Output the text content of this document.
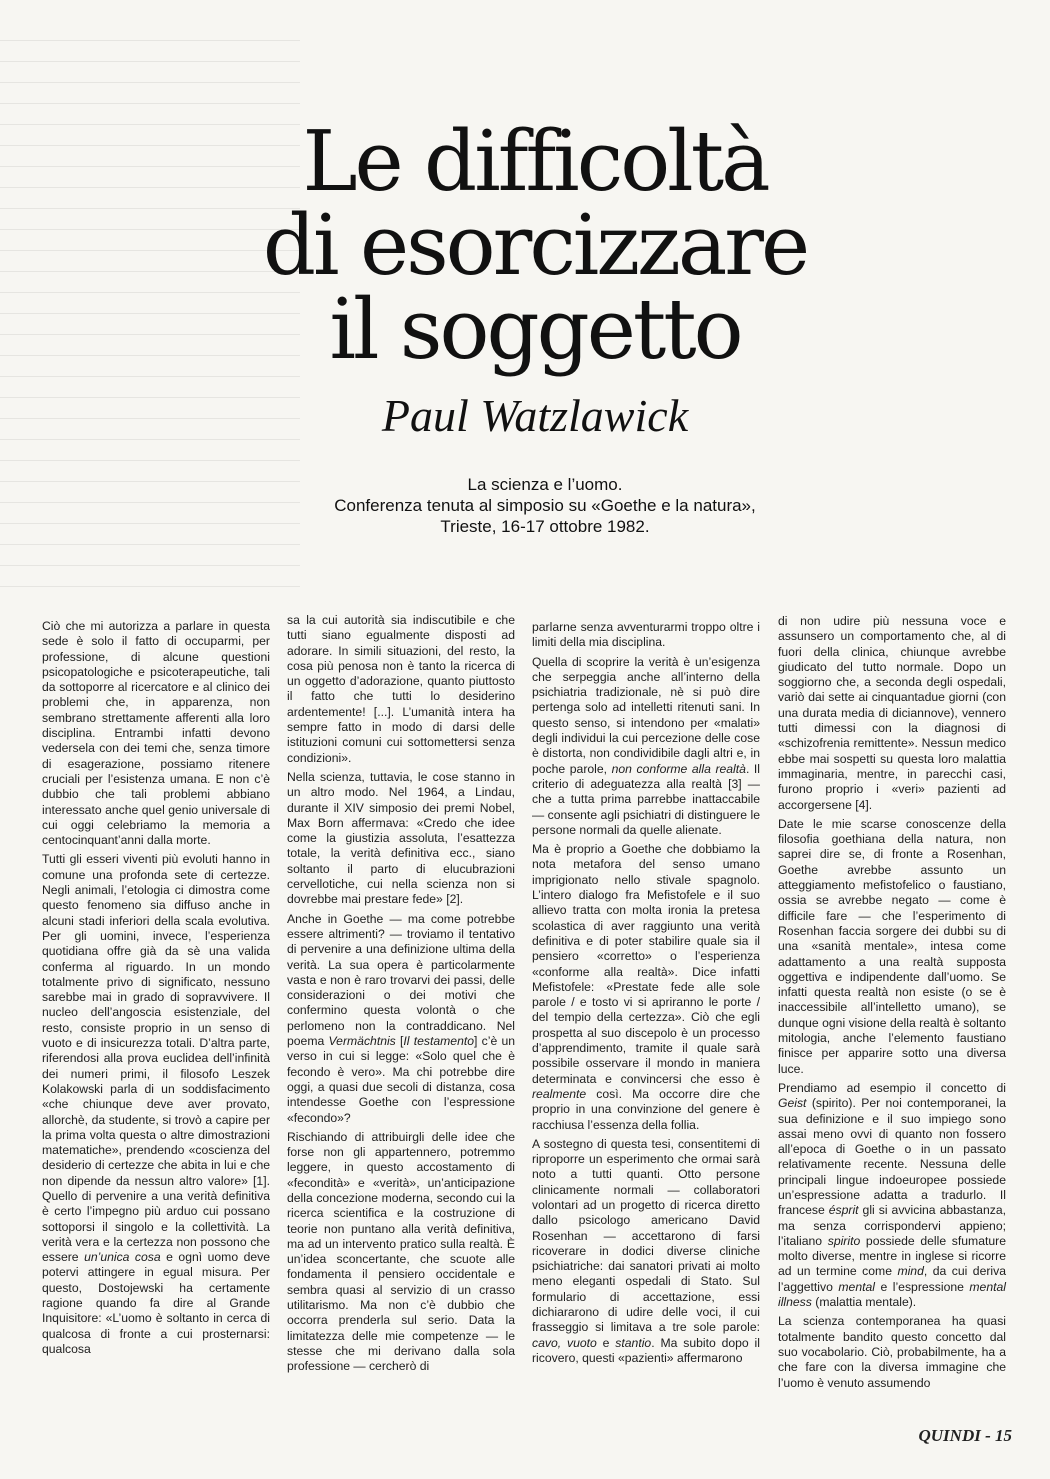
Le difficoltà
di esorcizzare
il soggetto
Paul Watzlawick
La scienza e l’uomo.
Conferenza tenuta al simposio su «Goethe e la natura»,
Trieste, 16-17 ottobre 1982.

Ciò che mi autorizza a parlare in questa sede è solo il fatto di occuparmi, per professione, di alcune questioni psicopatologiche e psicoterapeutiche, tali da sottoporre al ricercatore e al clinico dei problemi che, in apparenza, non sembrano strettamente afferenti alla loro disciplina. Entrambi infatti devono vedersela con dei temi che, senza timore di esagerazione, possiamo ritenere cruciali per l’esistenza umana. E non c’è dubbio che tali problemi abbiano interessato anche quel genio universale di cui oggi celebriamo la memoria a centocinquant’anni dalla morte.

Tutti gli esseri viventi più evoluti hanno in comune una profonda sete di certezze. Negli animali, l’etologia ci dimostra come questo fenomeno sia diffuso anche in alcuni stadi inferiori della scala evolutiva. Per gli uomini, invece, l’esperienza quotidiana offre già da sè una valida conferma al riguardo. In un mondo totalmente privo di significato, nessuno sarebbe mai in grado di sopravvivere. Il nucleo dell’angoscia esistenziale, del resto, consiste proprio in un senso di vuoto e di insicurezza totali. D’altra parte, riferendosi alla prova euclidea dell’infinità dei numeri primi, il filosofo Leszek Kolakowski parla di un soddisfacimento «che chiunque deve aver provato, allorchè, da studente, si trovò a capire per la prima volta questa o altre dimostrazioni matematiche», prendendo «coscienza del desiderio di certezze che abita in lui e che non dipende da nessun altro valore» [1]. Quello di pervenire a una verità definitiva è certo l’impegno più arduo cui possano sottoporsi il singolo e la collettività. La verità vera e la certezza non possono che essere un’unica cosa e ognì uomo deve potervi attingere in egual misura. Per questo, Dostojewski ha certamente ragione quando fa dire al Grande Inquisitore: «L’uomo è soltanto in cerca di qualcosa di fronte a cui prosternarsi: qualcosa

sa la cui autorità sia indiscutibile e che tutti siano egualmente disposti ad adorare. In simili situazioni, del resto, la cosa più penosa non è tanto la ricerca di un oggetto d’adorazione, quanto piuttosto il fatto che tutti lo desiderino ardentemente! [...]. L’umanità intera ha sempre fatto in modo di darsi delle istituzioni comuni cui sottomettersi senza condizioni».

Nella scienza, tuttavia, le cose stanno in un altro modo. Nel 1964, a Lindau, durante il XIV simposio dei premi Nobel, Max Born affermava: «Credo che idee come la giustizia assoluta, l’esattezza totale, la verità definitiva ecc., siano soltanto il parto di elucubrazioni cervellotiche, cui nella scienza non si dovrebbe mai prestare fede» [2].

Anche in Goethe — ma come potrebbe essere altrimenti? — troviamo il tentativo di pervenire a una definizione ultima della verità. La sua opera è particolarmente vasta e non è raro trovarvi dei passi, delle considerazioni o dei motivi che confermino questa volontà o che perlomeno non la contraddicano. Nel poema Vermächtnis [Il testamento] c’è un verso in cui si legge: «Solo quel che è fecondo è vero». Ma chi potrebbe dire oggi, a quasi due secoli di distanza, cosa intendesse Goethe con l’espressione «fecondo»?

Rischiando di attribuirgli delle idee che forse non gli appartennero, potremmo leggere, in questo accostamento di «fecondità» e «verità», un’anticipazione della concezione moderna, secondo cui la ricerca scientifica e la costruzione di teorie non puntano alla verità definitiva, ma ad un intervento pratico sulla realtà. È un’idea sconcertante, che scuote alle fondamenta il pensiero occidentale e sembra quasi al servizio di un crasso utilitarismo. Ma non c’è dubbio che occorra prenderla sul serio. Data la limitatezza delle mie competenze — le stesse che mi derivano dalla sola professione — cercherò di

parlarne senza avventurarmi troppo oltre i limiti della mia disciplina.

Quella di scoprire la verità è un’esigenza che serpeggia anche all’interno della psichiatria tradizionale, nè si può dire pertenga solo ad intelletti ritenuti sani. In questo senso, si intendono per «malati» degli individui la cui percezione delle cose è distorta, non condividibile dagli altri e, in poche parole, non conforme alla realtà. Il criterio di adeguatezza alla realtà [3] — che a tutta prima parrebbe inattaccabile — consente agli psichiatri di distinguere le persone normali da quelle alienate.

Ma è proprio a Goethe che dobbiamo la nota metafora del senso umano imprigionato nello stivale spagnolo. L’intero dialogo fra Mefistofele e il suo allievo tratta con molta ironia la pretesa scolastica di aver raggiunto una verità definitiva e di poter stabilire quale sia il pensiero «corretto» o l’esperienza «conforme alla realtà». Dice infatti Mefistofele: «Prestate fede alle sole parole / e tosto vi si apriranno le porte / del tempio della certezza». Ciò che egli prospetta al suo discepolo è un processo d’apprendimento, tramite il quale sarà possibile osservare il mondo in maniera determinata e convincersi che esso è realmente così. Ma occorre dire che proprio in una convinzione del genere è racchiusa l’essenza della follia.

A sostegno di questa tesi, consentitemi di riproporre un esperimento che ormai sarà noto a tutti quanti. Otto persone clinicamente normali — collaboratori volontari ad un progetto di ricerca diretto dallo psicologo americano David Rosenhan — accettarono di farsi ricoverare in dodici diverse cliniche psichiatriche: dai sanatori privati ai molto meno eleganti ospedali di Stato. Sul formulario di accettazione, essi dichiararono di udire delle voci, il cui frasseggio si limitava a tre sole parole: cavo, vuoto e stantio. Ma subito dopo il ricovero, questi «pazienti» affermarono

di non udire più nessuna voce e assunsero un comportamento che, al di fuori della clinica, chiunque avrebbe giudicato del tutto normale. Dopo un soggiorno che, a seconda degli ospedali, variò dai sette ai cinquantadue giorni (con una durata media di diciannove), vennero tutti dimessi con la diagnosi di «schizofrenia remittente». Nessun medico ebbe mai sospetti su questa loro malattia immaginaria, mentre, in parecchi casi, furono proprio i «veri» pazienti ad accorgersene [4].

Date le mie scarse conoscenze della filosofia goethiana della natura, non saprei dire se, di fronte a Rosenhan, Goethe avrebbe assunto un atteggiamento mefistofelico o faustiano, ossia se avrebbe negato — come è difficile fare — che l’esperimento di Rosenhan faccia sorgere dei dubbi su di una «sanità mentale», intesa come adattamento a una realtà supposta oggettiva e indipendente dall’uomo. Se infatti questa realtà non esiste (o se è inaccessibile all’intelletto umano), se dunque ogni visione della realtà è soltanto mitologia, anche l’elemento faustiano finisce per apparire sotto una diversa luce.

Prendiamo ad esempio il concetto di Geist (spirito). Per noi contemporanei, la sua definizione e il suo impiego sono assai meno ovvi di quanto non fossero all’epoca di Goethe o in un passato relativamente recente. Nessuna delle principali lingue indoeuropee possiede un’espressione adatta a tradurlo. Il francese ésprit gli si avvicina abbastanza, ma senza corrispondervi appieno; l’italiano spirito possiede delle sfumature molto diverse, mentre in inglese si ricorre ad un termine come mind, da cui deriva l’aggettivo mental e l’espressione mental illness (malattia mentale).

La scienza contemporanea ha quasi totalmente bandito questo concetto dal suo vocabolario. Ciò, probabilmente, ha a che fare con la diversa immagine che l’uomo è venuto assumendo

QUINDI - 15
